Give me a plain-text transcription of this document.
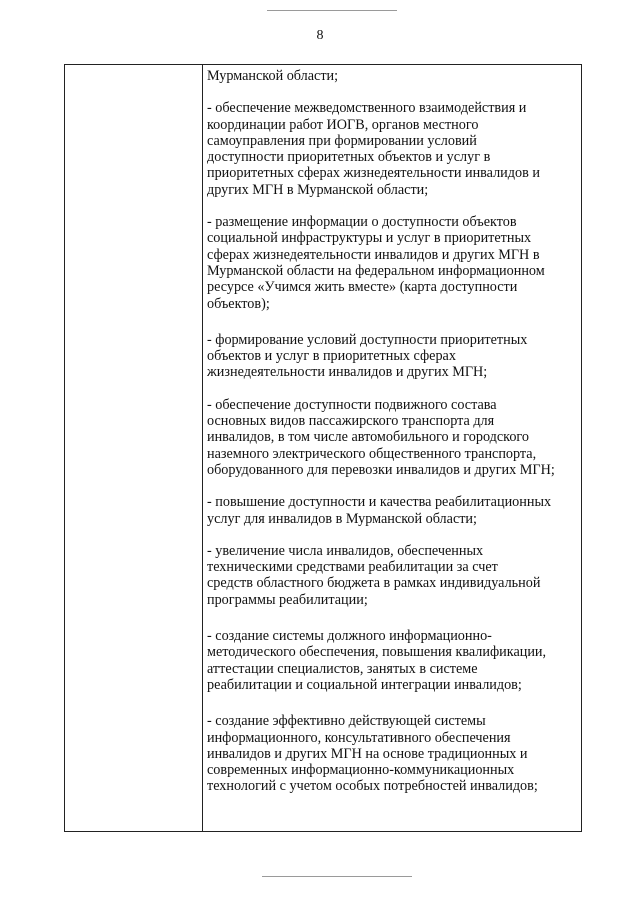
8

Мурманской области;

- обеспечение межведомственного взаимодействия и
координации работ ИОГВ, органов местного
самоуправления при формировании условий
доступности приоритетных объектов и услуг в
приоритетных сферах жизнедеятельности инвалидов и
других МГН в Мурманской области;

- размещение информации о доступности объектов
социальной инфраструктуры и услуг в приоритетных
сферах жизнедеятельности инвалидов и других МГН в
Мурманской области на федеральном информационном
ресурсе «Учимся жить вместе» (карта доступности
объектов);

- формирование условий доступности приоритетных
объектов и услуг в приоритетных сферах
жизнедеятельности инвалидов и других МГН;

- обеспечение доступности подвижного состава
основных видов пассажирского транспорта для
инвалидов, в том числе автомобильного и городского
наземного электрического общественного транспорта,
оборудованного для перевозки инвалидов и других МГН;

- повышение доступности и качества реабилитационных
услуг для инвалидов в Мурманской области;

- увеличение числа инвалидов, обеспеченных
техническими средствами реабилитации за счет
средств областного бюджета в рамках индивидуальной
программы реабилитации;

- создание системы должного информационно-
методического обеспечения, повышения квалификации,
аттестации специалистов, занятых в системе
реабилитации и социальной интеграции инвалидов;

- создание эффективно действующей системы
информационного, консультативного обеспечения
инвалидов и других МГН на основе традиционных и
современных информационно-коммуникационных
технологий с учетом особых потребностей инвалидов;
